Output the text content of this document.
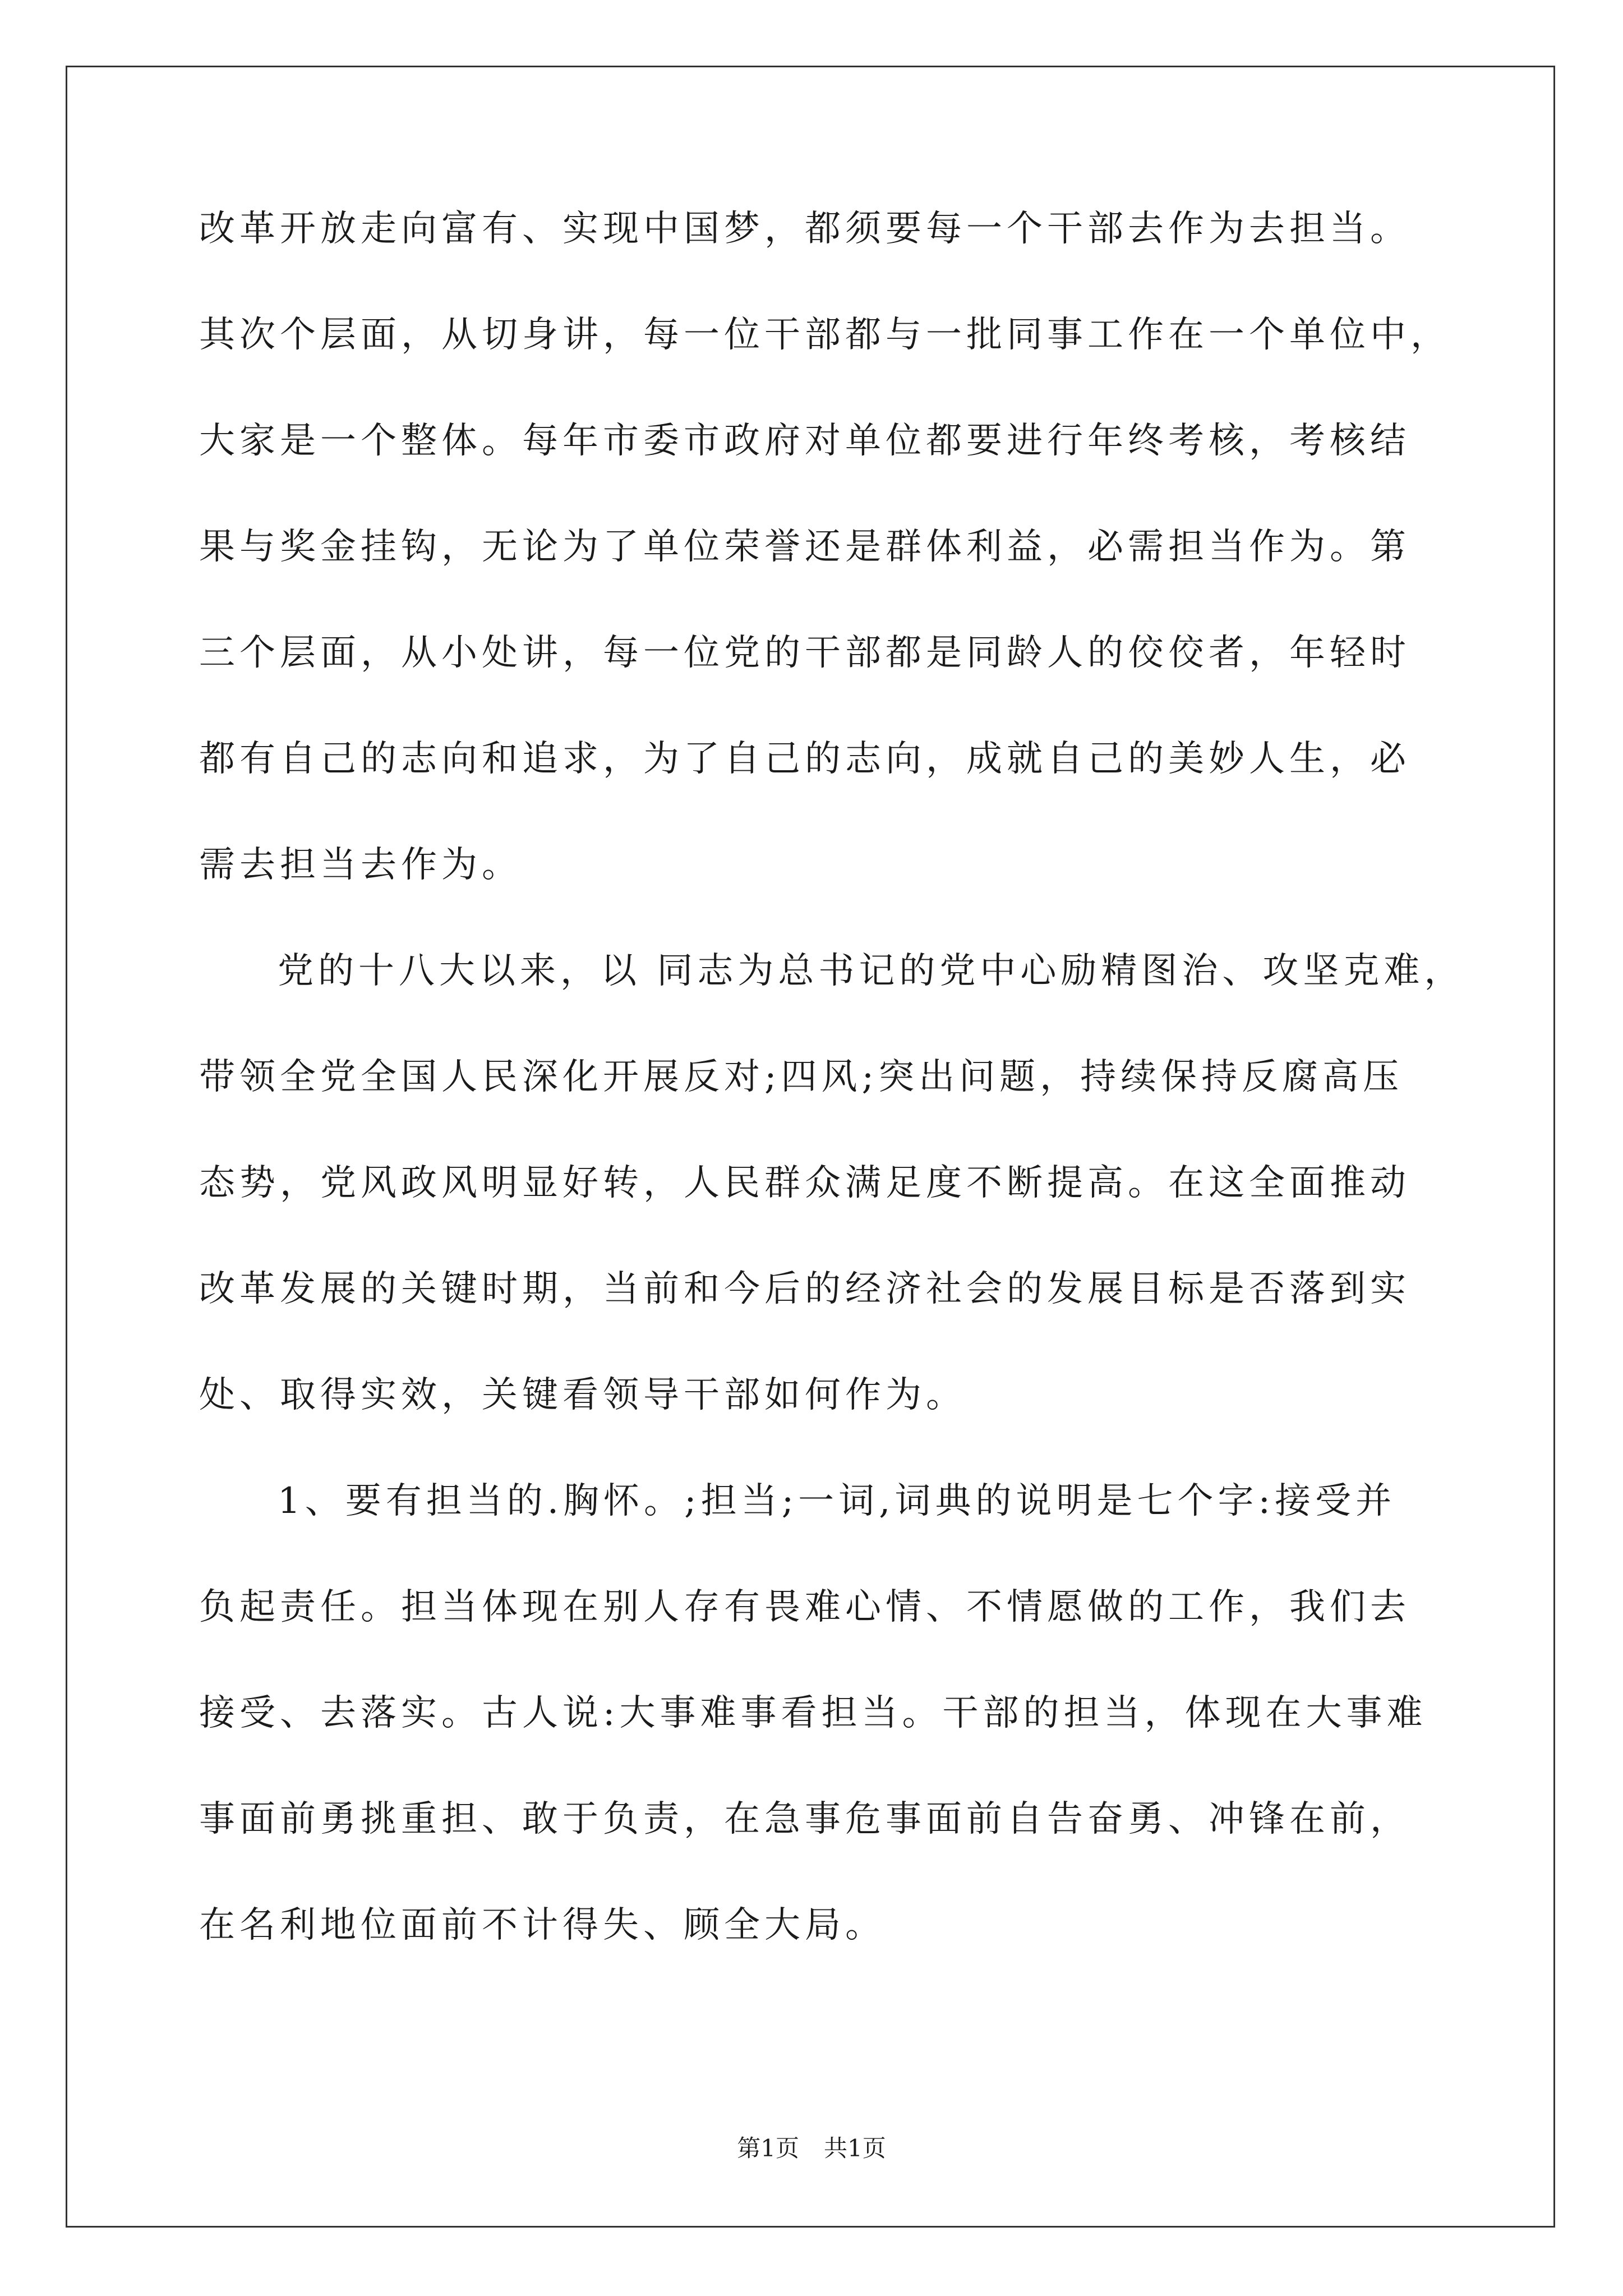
改革开放走向富有、实现中国梦，都须要每一个干部去作为去担当。
其次个层面，从切身讲，每一位干部都与一批同事工作在一个单位中，
大家是一个整体。每年市委市政府对单位都要进行年终考核，考核结
果与奖金挂钩，无论为了单位荣誉还是群体利益，必需担当作为。第
三个层面，从小处讲，每一位党的干部都是同龄人的佼佼者，年轻时
都有自己的志向和追求，为了自己的志向，成就自己的美妙人生，必
需去担当去作为。
党的十八大以来，以 同志为总书记的党中心励精图治、攻坚克难，
带领全党全国人民深化开展反对;四风;突出问题，持续保持反腐高压
态势，党风政风明显好转，人民群众满足度不断提高。在这全面推动
改革发展的关键时期，当前和今后的经济社会的发展目标是否落到实
处、取得实效，关键看领导干部如何作为。
1、要有担当的.胸怀。;担当;一词,词典的说明是七个字:接受并
负起责任。担当体现在别人存有畏难心情、不情愿做的工作，我们去
接受、去落实。古人说:大事难事看担当。干部的担当，体现在大事难
事面前勇挑重担、敢于负责，在急事危事面前自告奋勇、冲锋在前，
在名利地位面前不计得失、顾全大局。
第1页 共1页
